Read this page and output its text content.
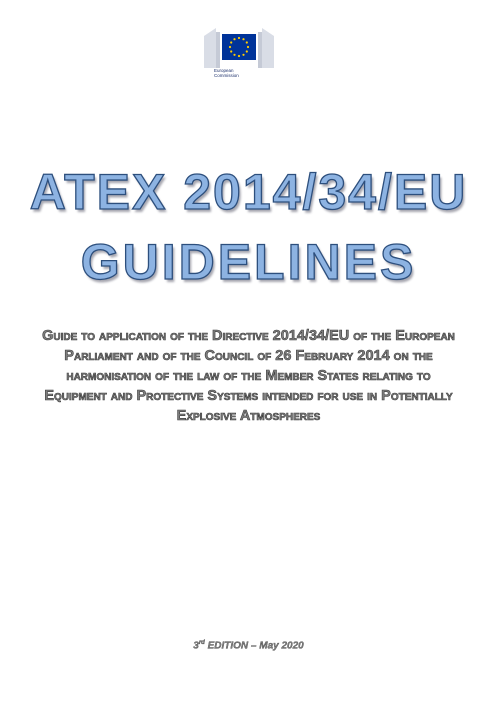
European
Commission
ATEX 2014/34/EU
GUIDELINES
Guide to application of the Directive 2014/34/EU of the European Parliament and of the Council of 26 February 2014 on the harmonisation of the law of the Member States relating to Equipment and Protective Systems intended for use in Potentially Explosive Atmospheres
3rd EDITION – May 2020
